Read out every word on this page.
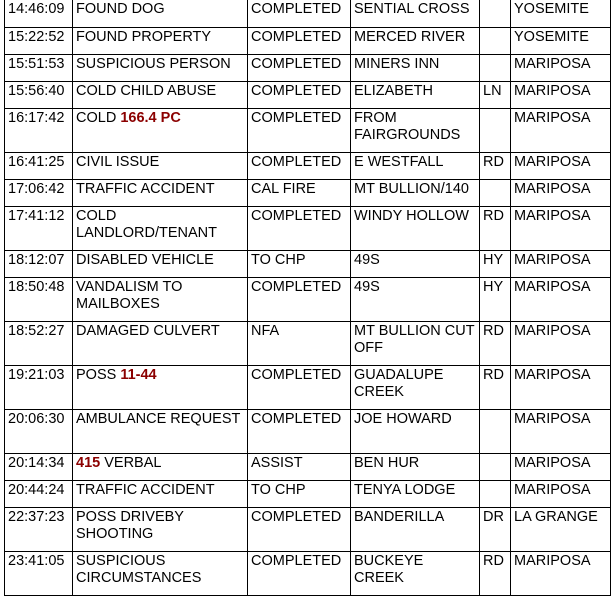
14:46:09	FOUND DOG	COMPLETED	SENTIAL CROSS		YOSEMITE
15:22:52	FOUND PROPERTY	COMPLETED	MERCED RIVER		YOSEMITE
15:51:53	SUSPICIOUS PERSON	COMPLETED	MINERS INN		MARIPOSA
15:56:40	COLD CHILD ABUSE	COMPLETED	ELIZABETH	LN	MARIPOSA
16:17:42	COLD 166.4 PC	COMPLETED	FROM FAIRGROUNDS		MARIPOSA
16:41:25	CIVIL ISSUE	COMPLETED	E WESTFALL	RD	MARIPOSA
17:06:42	TRAFFIC ACCIDENT	CAL FIRE	MT BULLION/140		MARIPOSA
17:41:12	COLD LANDLORD/TENANT	COMPLETED	WINDY HOLLOW	RD	MARIPOSA
18:12:07	DISABLED VEHICLE	TO CHP	49S	HY	MARIPOSA
18:50:48	VANDALISM TO MAILBOXES	COMPLETED	49S	HY	MARIPOSA
18:52:27	DAMAGED CULVERT	NFA	MT BULLION CUT OFF	RD	MARIPOSA
19:21:03	POSS 11-44	COMPLETED	GUADALUPE CREEK	RD	MARIPOSA
20:06:30	AMBULANCE REQUEST	COMPLETED	JOE HOWARD		MARIPOSA
20:14:34	415 VERBAL	ASSIST	BEN HUR		MARIPOSA
20:44:24	TRAFFIC ACCIDENT	TO CHP	TENYA LODGE		MARIPOSA
22:37:23	POSS DRIVEBY SHOOTING	COMPLETED	BANDERILLA	DR	LA GRANGE
23:41:05	SUSPICIOUS CIRCUMSTANCES	COMPLETED	BUCKEYE CREEK	RD	MARIPOSA
